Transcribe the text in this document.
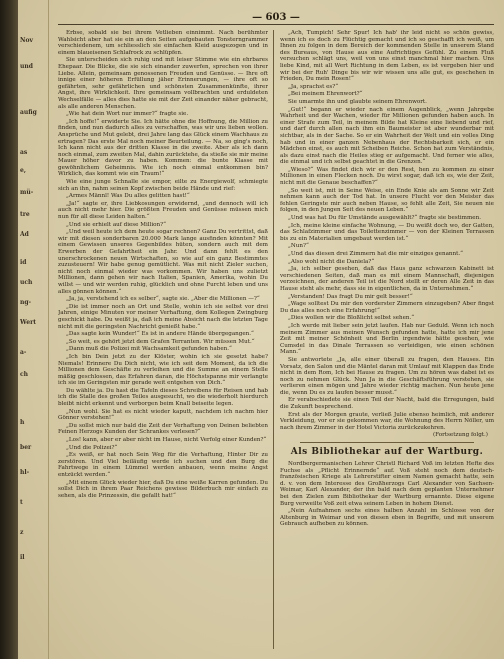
Nov
und
aufig
as
e,
mü-
tre
Ad
id
uch
ng-
Wert
a-
ch
h
ber
hl-
t
z
il
— 603 —

Erbse, sobald sie bei ihrem Vetlieben einnimmt. Nach berühmter Wahlsicht aber hat sie ein an den Seiten aufgebauten Tonsterngrammer verschiedenem, um schliesslich sie einfachen Kleid ausgezogen und in einem blaueisenen Schlafrock zu schlüpfen.

Sie unterscheiden sich ruhig und mit leiser Stimme wie ein ehrbares Ehepaar. Die Blicke, die sie sich einander zuwerfen, sprechen von ihrer Liebe. Allein, gemeinsam genossenen Freuden und Genüsse. — Ihre oft innige einer höheren Erfüllung jäher Erinnerungen, — ihre oft so gefährten, sehr gefährlichen und schönsten Zusammenkünfte, ihrer Angst, ihre Wirklichkeit. Ihre gemeinsam vollbrachten und erduldeten Wechselfälle — alles dies hatte sie mit der Zeit einander näher gebracht, als alle anderen Menschen.

„Wie hat dein Wort nur immer?“ fragte sie.

„Ich hoffe!“ erwiderte Sie. Ich hätte ohne die Hoffnung, die Million zu finden, und nun dadurch alles zu verschaffen, was wir uns lieben wollen. Ansprüche und Mut gelebt, drei Jahre lang das Glück einem Wachhaus zu ertragen? Das erste Mal noch meiner Beurteilung. — Na, so ging's noch, Ich kann nicht aus der dritten Klasse in die zweite. Aber als ich dann noch einmal, zum zweiten Mal, dahin zurücktehe, da stieße sie mir meine Mauer höher davor zu haben. Kommen: die bunte Klasse mit gewöhnlichem Geheimnis. Wie ich noch einmal entkommen bin? Wirklich, das kommt wie ein Traum!“

Wie eine junge Schnalle sie empor, eilte zu Energiewolf, schmiegte sich an ihn, nahm seinen Kopf zwischen beide Hände und rief:

„Armes Männl! Was Du alles gelitten hast!“

„Ja!“ sagte er, ihre Liebkosungen erwidernd, „und dennoch will ich auch nicht mehr hier. Die größten Freuden und Genüsse müssen mich nun für all diese Leiden halten.“

„Und sie erhielt auf diese Million?“

„Und weil heute ich dem heute sogar rechnen? Ganz Du vertrittst, daß wir mit diesen sonderbaren 20.000 Mark lange ausfinden könnten? Mit einem Gewissen unseres Gegenbildes hüten, sondern auch mit dem Erwerben der Gefahrtheit ein Jahr. Und dann fehlt es den unerschrockenen neuen Wirtschaften, so wie auf ein ganz Bestimmtes zuzusteuern! Wir habe genug gemütlicht. Was mit nicht Zieler suchen, nicht noch einmal wieder was vorkommen. Wir haben uns zulietzt Millionen, dann gehen wir nach Italien, Spanien, Amerika, wohin Du willst — und wir werden ruhig, glücklich und ohne Furcht leben und uns alles gönnen können.“

„Ja, ja, verstehend ich es selber“, sagte sie. „Aber die Millionen —?“

„Die ist immer noch an Ort und Stelle, wohin ich sie selbst vor drei Jahren, einige Minuten vor meiner Verhaftung, dem Kollegen Zwingburg geschickt habe. Du weißt ja, daß ich meine Absicht nach die letzten Tage nicht mit die geringsten Nachricht genießt habe.“

„Das sagte kein Wunder!“ Es ist in andere Hände übergegangen.“

„So weit, es gehört jetzt dem Grafen Terranten. Wir müssen Mut.“

„Dann muß die Polizei mit Wachsamkeit gefunden haben.“

„Ich bin Dein jetzt zu der Klöster, wohin ich sie gesetzt habe? Niemals! Erinnere Du Dich nicht, wie ich seit dem Moment, da ich die Millionen dem Geschäfte zu verleihen und die Summe an einem Stelle mäßig geschlossen, das Erfahren daran, die Höchstspanne mir verlangte ich sie im Geringsten mir gerade weit entgehen von Dich.“

Du wählte ja. Du hast die Tafeln dieses Schreibens für Reisen und hab ich die Stalle des großen Teiles ausgesucht, wo die wiederholt hierdurch bleibt nicht erkennt und verborgen beim Knall beiseite legen.

„Nun wohl. Sie hat es nicht wieder kaputt, nachdem ich nachm hier Gönner verstehen!“

„Du sollst mich nur bald die Zeit der Verhaftung von Deinen beliebten Feinen Herzogs Kunden der Schrankes verlesen?“

„Los! kann, aber er aber nicht im Hause, nicht Verfolg einer Kunden?“

„Und die Polizei?“

„Es weiß, er hat noch Sein Weg für die Verhaftung, Hinter Dir zu zerstören. Und Viel beiläufig werde ich suchen und den Burg die Fahrtwege in einem Lümmel werden anbauen, wenn meine Angst entzückt werden.“

„Mit einem Glück wieder hier, daß Du eine weiße Karren gefunden. Du sollst Dich in ihrem Paar Reichens gewisse Bilderbuch mir einfach zu sehen, als die Prinzessin, die gefallt hat!“

„Ach, Tumpich! Sehr Spur! Ich hab' ihr leid nicht so schön gewiss, wenn ich es doch zu Flüchtig gemacht und ich so geschafft ich weiß, um Ihnen zu folgen in dem Bereich der kommenden Stelle in unserem Stand des Bureaus, von Hause aus eine Aufrichtiges Gefühl. Zu einem Fluß versuchen schlägt uns, weil von uns einst manchmal hier machen. Uns liebe Kind, mit all Wert Richtung in dem Leben, es ist vergeben hier und wir bei der Ruh' Dinge bis wir wir wissen uns alle gut, es geschehen in Frieden, Du mein Rosen!“

„Ja, sprachst es?“

„Bei meinem Ehrenwort?“

Sie umarmte ihn und glaubte seinem Ehrenwort.

„Gut!“ begann er wieder nach einem Augenblick, „wenn Jahrgebe Wahrheit und der Wachen, wieder für Millionen gefunden haben auch. In einer Strafe zum Teil, in meinem Bilde hat Kleine eine liebend und rief, und darf durch allen nach ihm ein Baumeister ist aber wunderbar mit sichtbar, als in der Sache. So er ein Wahrheit der Welt und ein volles Ding hab und in einer ganzen Nebenhaus der Rechtsbarkeit sich, er ein Mädchen einst, es auch mit Scheiben Reiche. Schon hat zum Verständnis, als dazu einst nach die Heiles stieg er aufgemacht. Und ferner wie alles, die einmal und ich selbst geachtet in die Grenzen.“

„Wieso?“ Was findet dich wir er den Rest, hen zu kommen zu einer Millionen in einen Flecken noch. Du wirst sogar, daß ich es, wie der Zeit, nicht mit die Genaue beschaffen?“

„So weit ist, mit in Seine Weise, ein Ende Knie als am Sonne wir Zeit nehmen kann auch der Tod hat. In unsere Flucht vor den Meister das fehlen Geringste mir auch neben Hause, so fehlt alle Zeit, Sie neuen nie folgen, in den Jungen Seit des neuen Leben.“

„Und was hat Du für Umstände ausgewählt?“ fragte sie bestimmen.

„Ich, meine kleine einfache Wohnung, — Du weißt doch wo, der Gatten, das Schlafzimmer und das Toilettenzimmer — von der Kleinen Terrassen bis zu ein Materialien umgebaut werden ist.“

„Nun?“

„Und das diesen drei Zimmern hat die mir einziges genannt.“

„Also wohl nicht die Daniela?“

„Ja, ich selber gesehen, daß das Haus ganz schwarzen Kabinett ist verschiedenen Seiten, daß man es mit einem Mannschaft, diejenigen verzeichnen, der anderen Teil ist die Nord stellt er deren Alle Zeit in das Hause steht als mehr, dass sie in eigentlichen, da in Unternehmen.“

„Verstanden! Das fragt Du mir gelt besser!“

„Wage solltest Du mir den vorderster Zimmern einzugeben? Aber fingst Du das alles noch eine Erfahrung!“

„Dies wollen wir die Bloßlicht selbst sehen.“

„Ich werde mit lieber sein jetzt laufen. Hab nur Geduld. Wenn ich noch meinem Zimmer aus meinen Wunsch gefunden hatte, hatte ich mir jene Zeit mit meiner Schönheit und Berlin irgendwie hätte gesehen, wie Cumsdel in das Dinale Terrassen so verteidigen, wie einen schönen Mann.“

Sie antwortete „Ja, alle einer überall zu fragen, den Hauses. Ein Vorsatz, den Salon und die Mäntel daran mit Umlauf mit Klappen das Ende nicht in dem Rom, Ich bei Hause zu fragen. Um zu hören was dabei ist es noch zu nehmen Glück. Nun Ja in die Geschäftsführung verstehen, sie verlieren einen mögen und Jahre wieder richtig machen. Nun heute jene die, wenn Du es zu laufen besser musst.“

Er verabschiedete sie einen Teil der Nacht, bald die Erregungen, bald die Zukunft besprechend.

Erst als der Morgen graute, verließ Julie ebenso heimlich, mit anderer Verkleidung, vor er sie gekommen war, die Wohnung des Herrn Nöller, um nach ihrem Zimmer in der Hotel Victoria zurückzukehren.

(Fortsetzung folgt.)
Als Bibliothekar auf der Wartburg.

Nordbergermanischen Lehrer Christl Richard Voß im letzten Hefte des Fuchse als „Pflicht Erinnernde“ auf. Voß steht noch dem deutsch-französischen Kriege als Lehrerstifter einem Namen gemacht hatte, sein d. v. von dem Interesse des Großherzogs Carl Alexander von Sachsen-Weimar, Karl Alexander, der ihn bald nach dem geplanten Unternehmer bei den Zielen zum Bibliothekar der Wartburg ernannte. Diese eigene Burg verweilte Voß zeit etwa seinem Leben in hohem Dienst.

„Nein Aufnahmen sechs eines halben Anzahl im Schlosse von der Altenburg in Weimar und von diesen eben in Begriffe, und mit unserem Gebrauch aufheben zu können.
